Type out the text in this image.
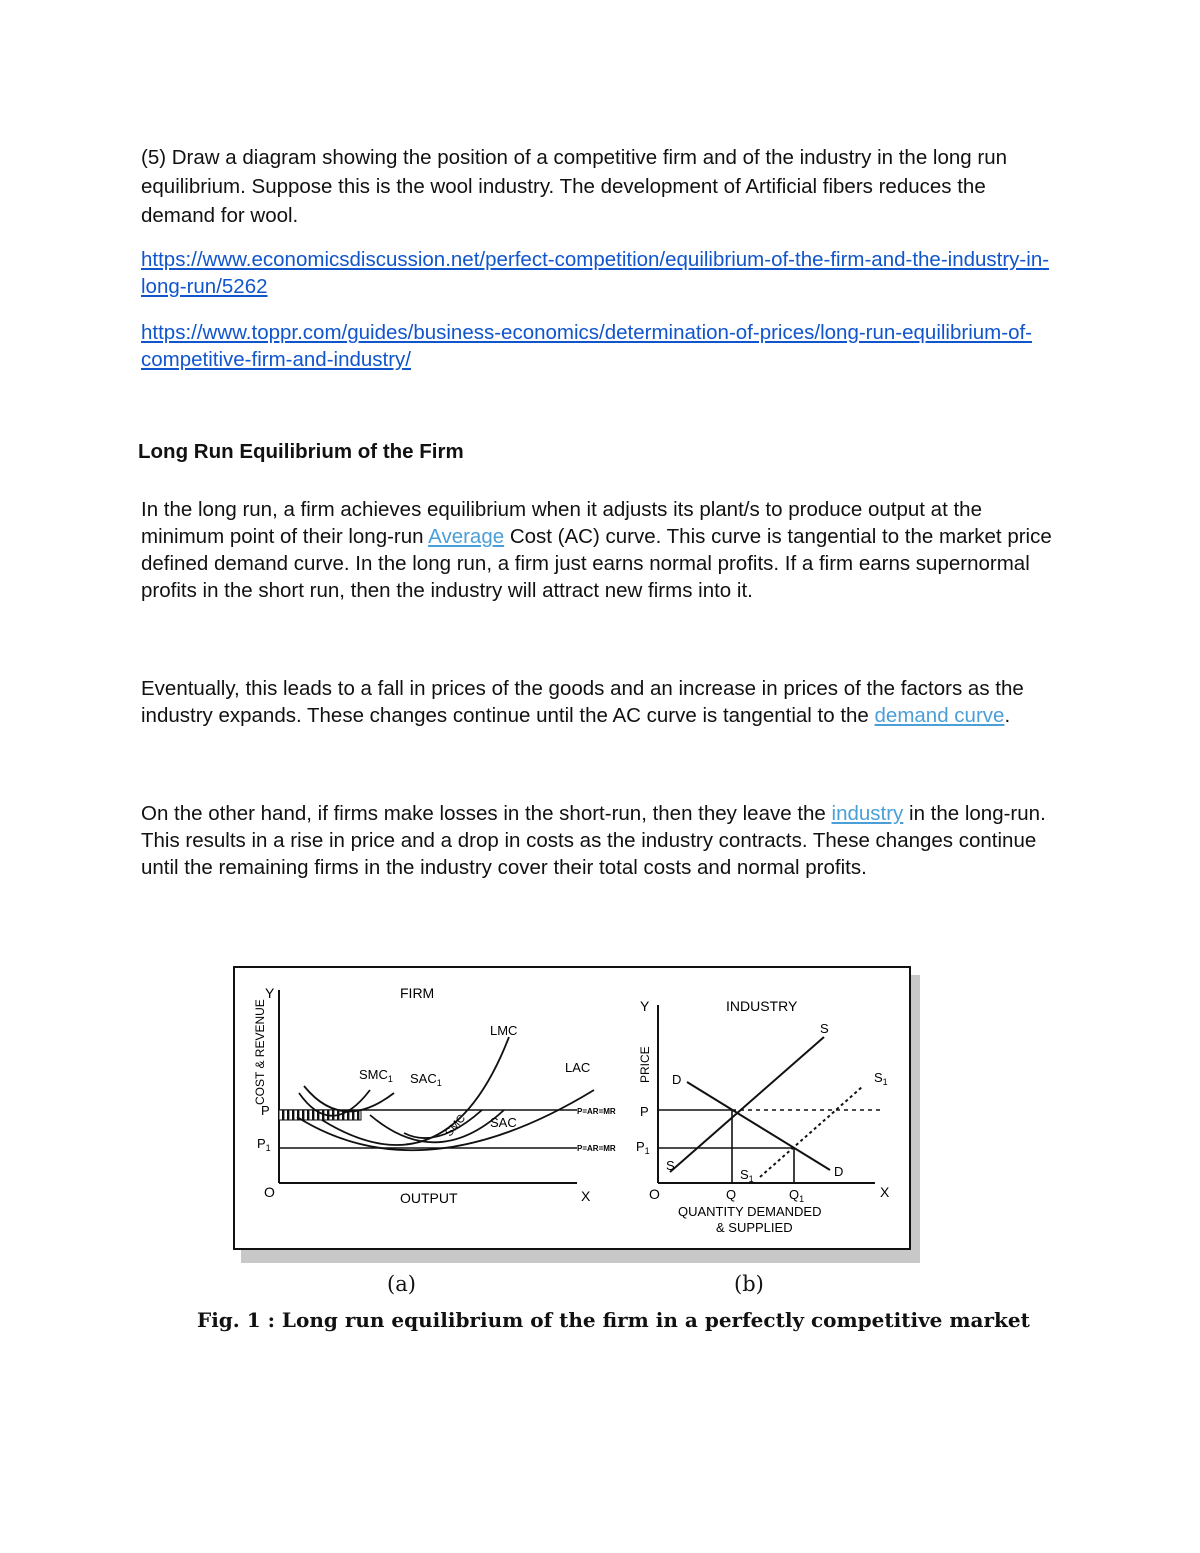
(5) Draw a diagram showing the position of a competitive firm and of the industry in the long run equilibrium. Suppose this is the wool industry. The development of Artificial fibers reduces the demand for wool.

https://www.economicsdiscussion.net/perfect-competition/equilibrium-of-the-firm-and-the-industry-in-long-run/5262

https://www.toppr.com/guides/business-economics/determination-of-prices/long-run-equilibrium-of-competitive-firm-and-industry/

Long Run Equilibrium of the Firm

In the long run, a firm achieves equilibrium when it adjusts its plant/s to produce output at the minimum point of their long-run Average Cost (AC) curve. This curve is tangential to the market price defined demand curve. In the long run, a firm just earns normal profits. If a firm earns supernormal profits in the short run, then the industry will attract new firms into it.

Eventually, this leads to a fall in prices of the goods and an increase in prices of the factors as the industry expands. These changes continue until the AC curve is tangential to the demand curve.

On the other hand, if firms make losses in the short-run, then they leave the industry in the long-run. This results in a rise in price and a drop in costs as the industry contracts. These changes continue until the remaining firms in the industry cover their total costs and normal profits.

FIRM
Y
COST & REVENUE
X
OUTPUT
O
P
$P_1$
LMC
LAC
$SMC_1$ $SAC_1$
SMC SAC
P=AR=MR
P=AR=MR
INDUSTRY
Y
PRICE
X
O
P
$P_1$
D
D
S
S
$S_1$
$S_1$
Q	$Q_1$
QUANTITY DEMANDED
& SUPPLIED
(a)	(b)

Fig. 1 : Long run equilibrium of the firm in a perfectly competitive market
